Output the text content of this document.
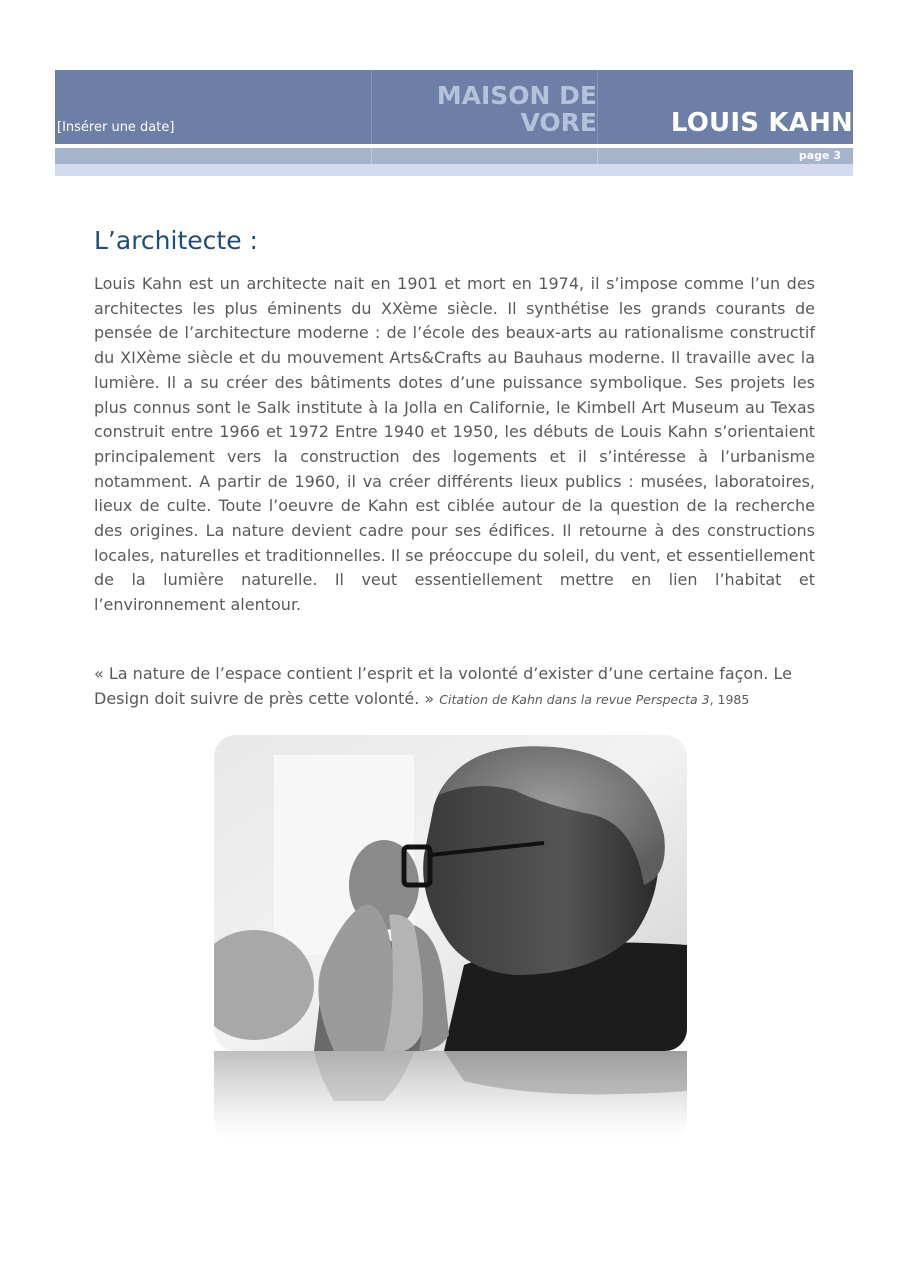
[Insérer une date]
MAISON DE
VORE	LOUIS KAHN
page 3
L’architecte :

Louis Kahn est un architecte nait en 1901 et mort en 1974, il s’impose comme l’un des architectes les plus éminents du XXème siècle. Il synthétise les grands courants de pensée de l’architecture moderne : de l’école des beaux-arts au rationalisme constructif du XIXème siècle et du mouvement Arts&Crafts au Bauhaus moderne. Il travaille avec la lumière. Il a su créer des bâtiments dotes d’une puissance symbolique. Ses projets les plus connus sont le Salk institute à la Jolla en Californie, le Kimbell Art Museum au Texas construit entre 1966 et 1972 Entre 1940 et 1950, les débuts de Louis Kahn s’orientaient principalement vers la construction des logements et il s’intéresse à l’urbanisme notamment. A partir de 1960, il va créer différents lieux publics : musées, laboratoires, lieux de culte. Toute l’oeuvre de Kahn est ciblée autour de la question de la recherche des origines. La nature devient cadre pour ses édifices. Il retourne à des constructions locales, naturelles et traditionnelles. Il se préoccupe du soleil, du vent, et essentiellement de la lumière naturelle. Il veut essentiellement mettre en lien l’habitat et l’environnement alentour.

« La nature de l’espace contient l’esprit et la volonté d’exister d’une certaine façon. Le Design doit suivre de près cette volonté. » Citation de Kahn dans la revue Perspecta 3, 1985
